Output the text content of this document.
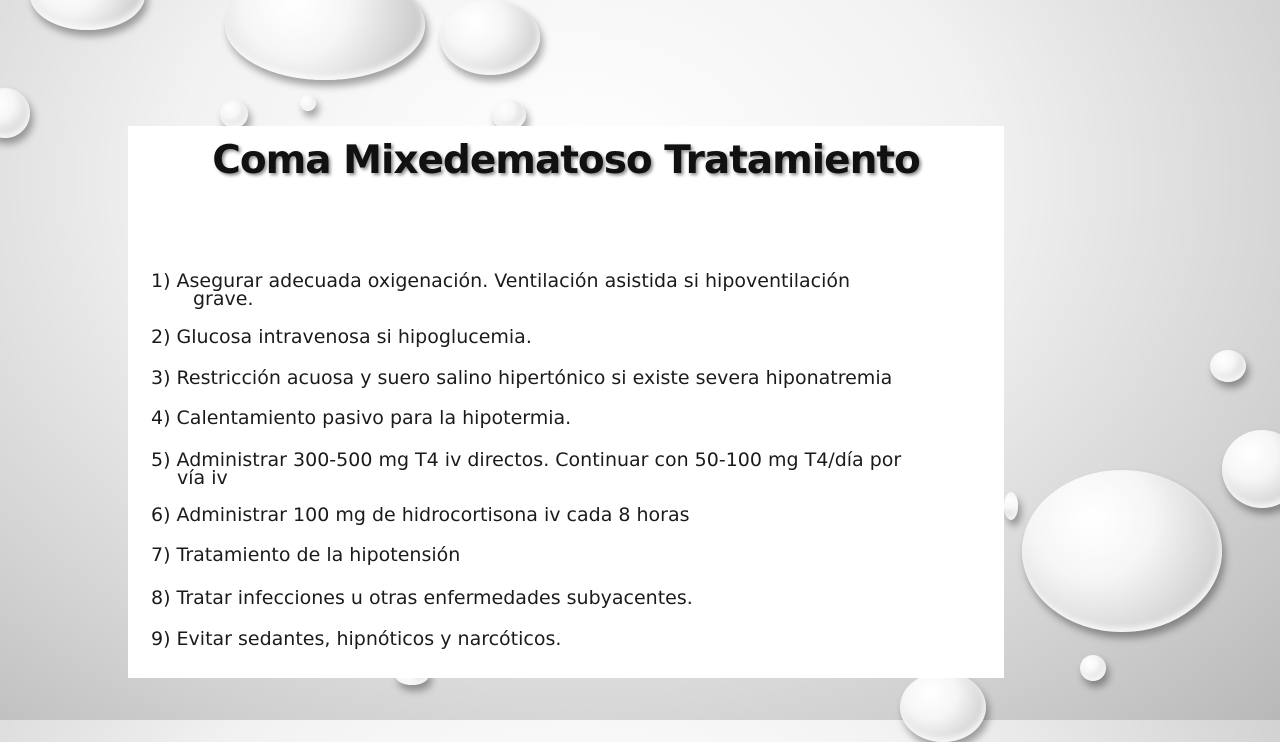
Coma Mixedematoso Tratamiento
1) Asegurar adecuada oxigenación. Ventilación asistida si hipoventilación
grave.
2) Glucosa intravenosa si hipoglucemia.
3) Restricción acuosa y suero salino hipertónico si existe severa hiponatremia
4) Calentamiento pasivo para la hipotermia.
5) Administrar 300-500 mg T4 iv directos. Continuar con 50-100 mg T4/día por
vía iv
6) Administrar 100 mg de hidrocortisona iv cada 8 horas
7) Tratamiento de la hipotensión
8) Tratar infecciones u otras enfermedades subyacentes.
9) Evitar sedantes, hipnóticos y narcóticos.
